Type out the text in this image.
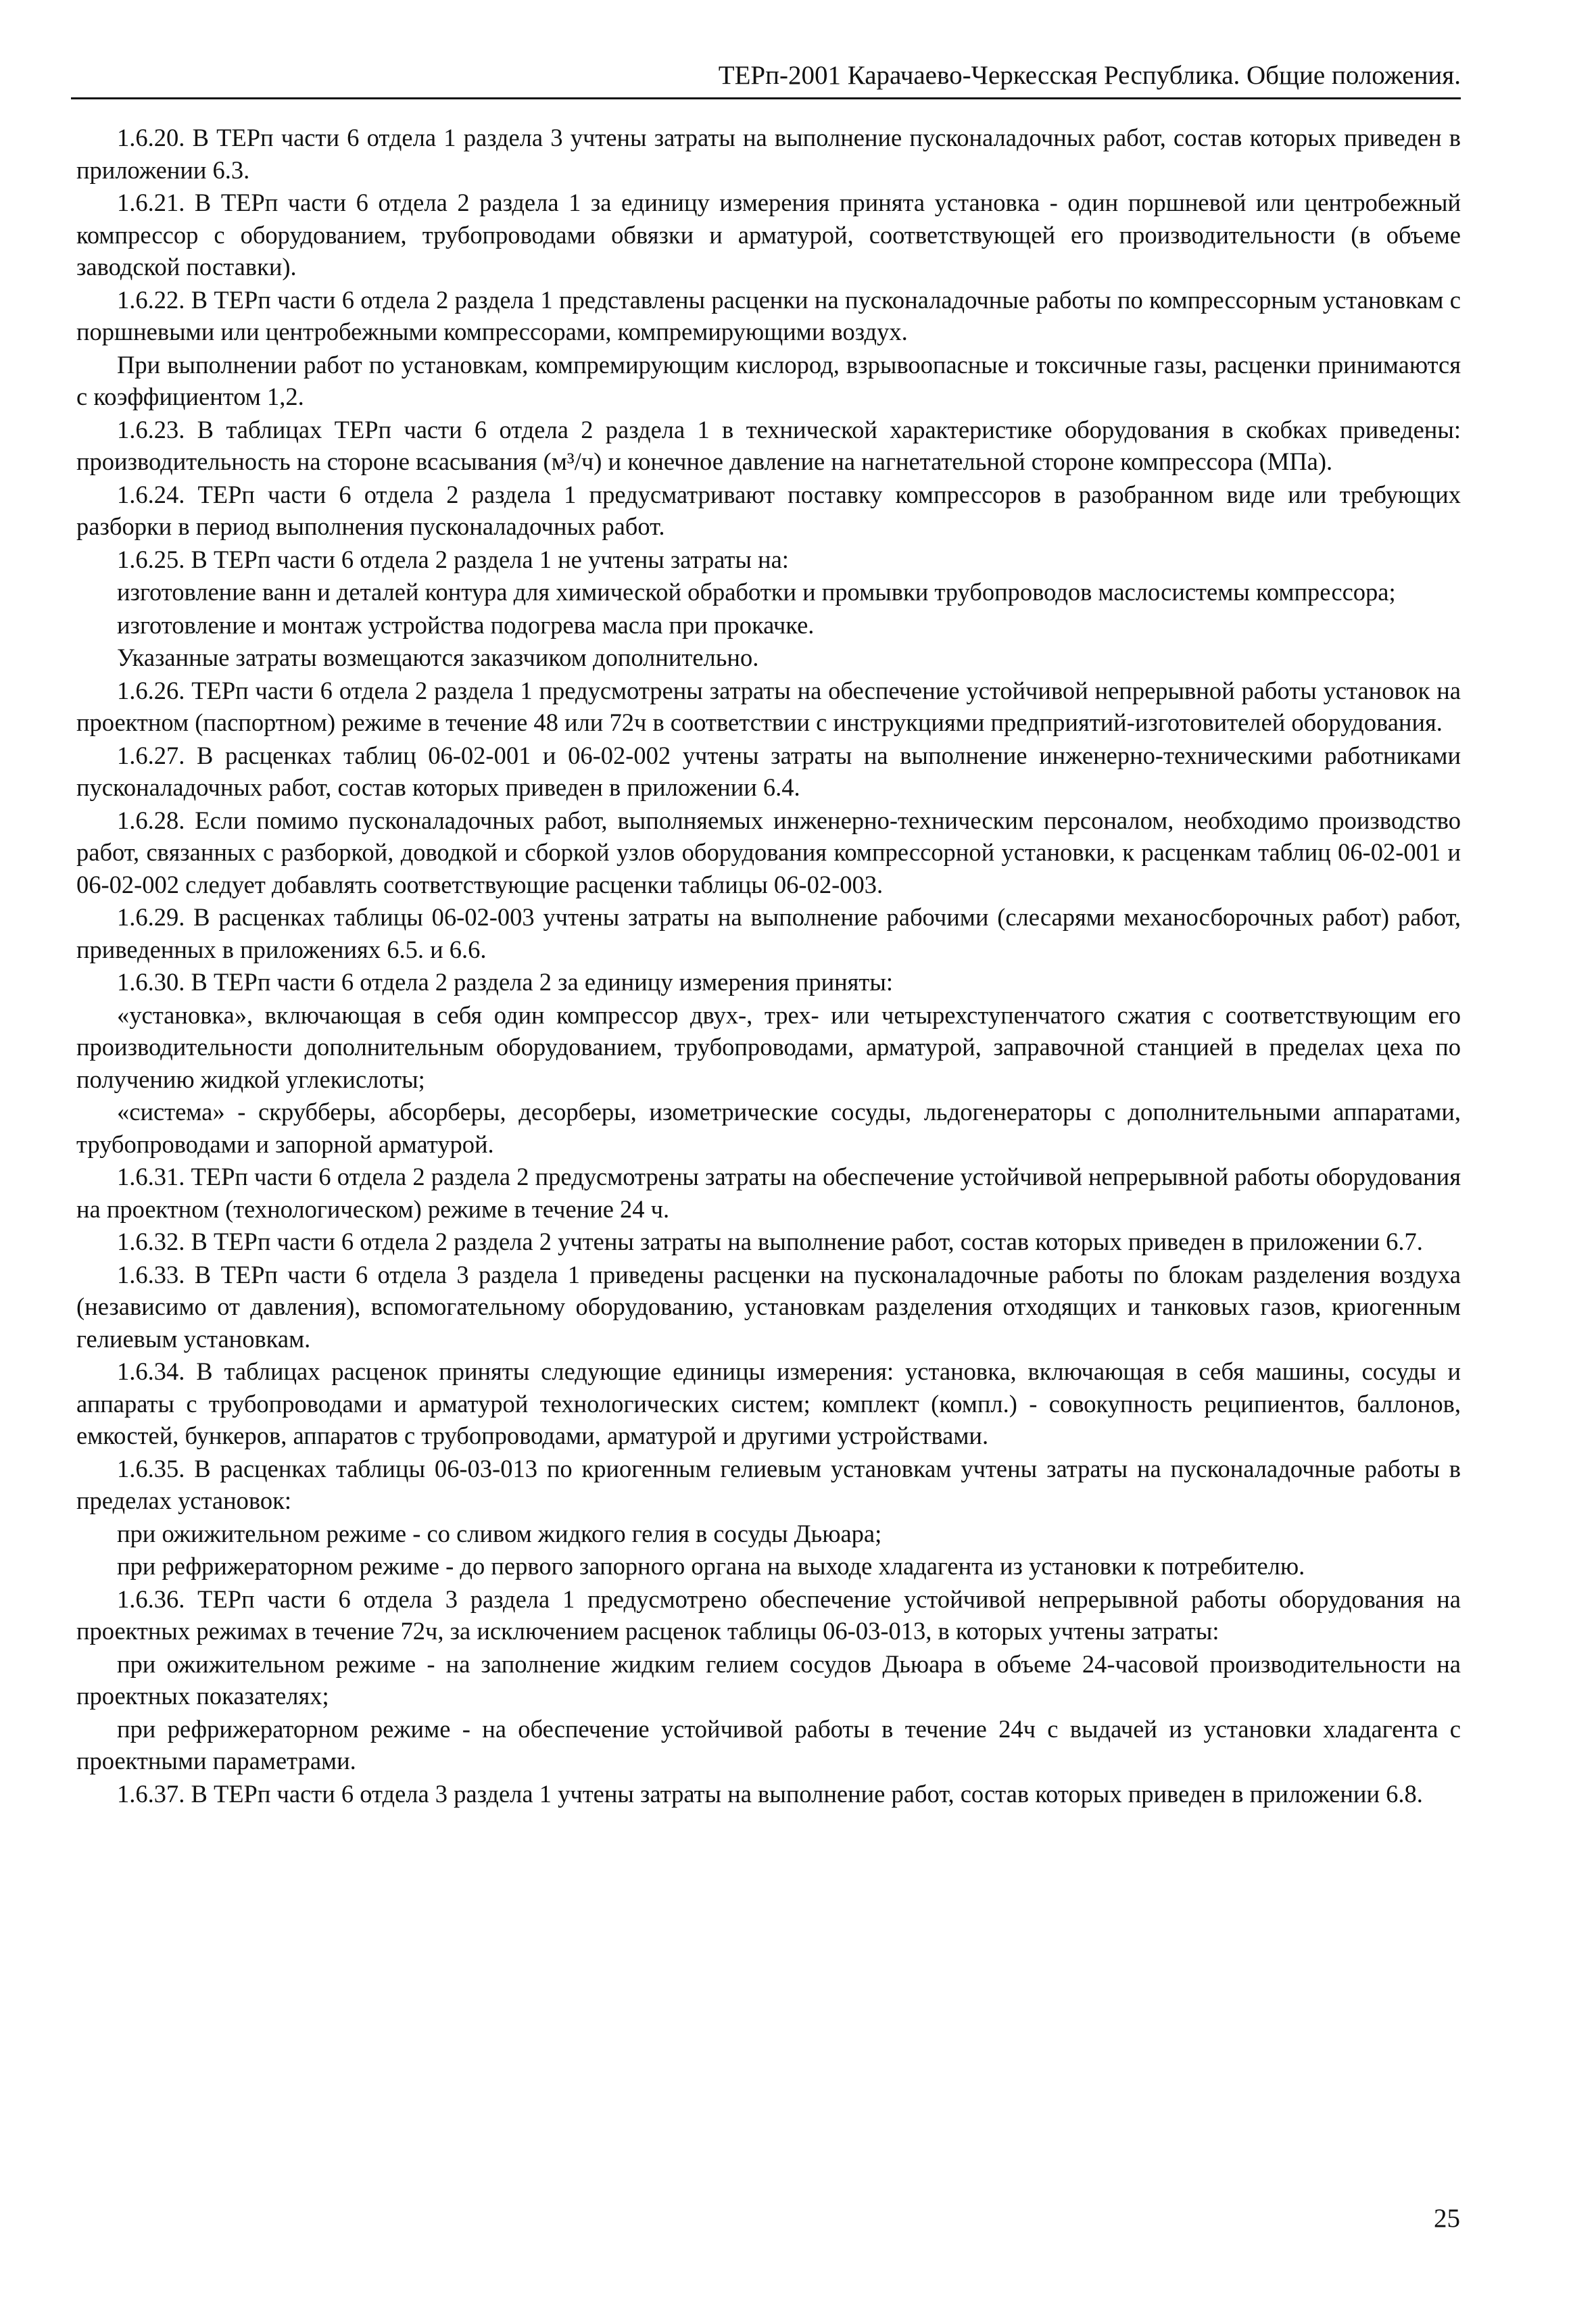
ТЕРп-2001 Карачаево-Черкесская Республика. Общие положения.

1.6.20. В ТЕРп части 6 отдела 1 раздела 3 учтены затраты на выполнение пусконаладочных работ, состав которых приведен в приложении 6.3.

1.6.21. В ТЕРп части 6 отдела 2 раздела 1 за единицу измерения принята установка - один поршневой или центробежный компрессор с оборудованием, трубопроводами обвязки и арматурой, соответствующей его производительности (в объеме заводской поставки).

1.6.22. В ТЕРп части 6 отдела 2 раздела 1 представлены расценки на пусконаладочные работы по компрессорным установкам с поршневыми или центробежными компрессорами, компремирующими воздух.

При выполнении работ по установкам, компремирующим кислород, взрывоопасные и токсичные газы, расценки принимаются с коэффициентом 1,2.

1.6.23. В таблицах ТЕРп части 6 отдела 2 раздела 1 в технической характеристике оборудования в скобках приведены: производительность на стороне всасывания (м³/ч) и конечное давление на нагнетательной стороне компрессора (МПа).

1.6.24. ТЕРп части 6 отдела 2 раздела 1 предусматривают поставку компрессоров в разобранном виде или требующих разборки в период выполнения пусконаладочных работ.

1.6.25. В ТЕРп части 6 отдела 2 раздела 1 не учтены затраты на:

изготовление ванн и деталей контура для химической обработки и промывки трубопроводов маслосистемы компрессора;

изготовление и монтаж устройства подогрева масла при прокачке.

Указанные затраты возмещаются заказчиком дополнительно.

1.6.26. ТЕРп части 6 отдела 2 раздела 1 предусмотрены затраты на обеспечение устойчивой непрерывной работы установок на проектном (паспортном) режиме в течение 48 или 72ч в соответствии с инструкциями предприятий-изготовителей оборудования.

1.6.27. В расценках таблиц 06-02-001 и 06-02-002 учтены затраты на выполнение инженерно-техническими работниками пусконаладочных работ, состав которых приведен в приложении 6.4.

1.6.28. Если помимо пусконаладочных работ, выполняемых инженерно-техническим персоналом, необходимо производство работ, связанных с разборкой, доводкой и сборкой узлов оборудования компрессорной установки, к расценкам таблиц 06-02-001 и 06-02-002 следует добавлять соответствующие расценки таблицы 06-02-003.

1.6.29. В расценках таблицы 06-02-003 учтены затраты на выполнение рабочими (слесарями механосборочных работ) работ, приведенных в приложениях 6.5. и 6.6.

1.6.30. В ТЕРп части 6 отдела 2 раздела 2 за единицу измерения приняты:

«установка», включающая в себя один компрессор двух-, трех- или четырехступенчатого сжатия с соответствующим его производительности дополнительным оборудованием, трубопроводами, арматурой, заправочной станцией в пределах цеха по получению жидкой углекислоты;

«система» - скрубберы, абсорберы, десорберы, изометрические сосуды, льдогенераторы с дополнительными аппаратами, трубопроводами и запорной арматурой.

1.6.31. ТЕРп части 6 отдела 2 раздела 2 предусмотрены затраты на обеспечение устойчивой непрерывной работы оборудования на проектном (технологическом) режиме в течение 24 ч.

1.6.32. В ТЕРп части 6 отдела 2 раздела 2 учтены затраты на выполнение работ, состав которых приведен в приложении 6.7.

1.6.33. В ТЕРп части 6 отдела 3 раздела 1 приведены расценки на пусконаладочные работы по блокам разделения воздуха (независимо от давления), вспомогательному оборудованию, установкам разделения отходящих и танковых газов, криогенным гелиевым установкам.

1.6.34. В таблицах расценок приняты следующие единицы измерения: установка, включающая в себя машины, сосуды и аппараты с трубопроводами и арматурой технологических систем; комплект (компл.) - совокупность реципиентов, баллонов, емкостей, бункеров, аппаратов с трубопроводами, арматурой и другими устройствами.

1.6.35. В расценках таблицы 06-03-013 по криогенным гелиевым установкам учтены затраты на пусконаладочные работы в пределах установок:

при ожижительном режиме - со сливом жидкого гелия в сосуды Дьюара;

при рефрижераторном режиме - до первого запорного органа на выходе хладагента из установки к потребителю.

1.6.36. ТЕРп части 6 отдела 3 раздела 1 предусмотрено обеспечение устойчивой непрерывной работы оборудования на проектных режимах в течение 72ч, за исключением расценок таблицы 06-03-013, в которых учтены затраты:

при ожижительном режиме - на заполнение жидким гелием сосудов Дьюара в объеме 24-часовой производительности на проектных показателях;

при рефрижераторном режиме - на обеспечение устойчивой работы в течение 24ч с выдачей из установки хладагента с проектными параметрами.

1.6.37. В ТЕРп части 6 отдела 3 раздела 1 учтены затраты на выполнение работ, состав которых приведен в приложении 6.8.

25
